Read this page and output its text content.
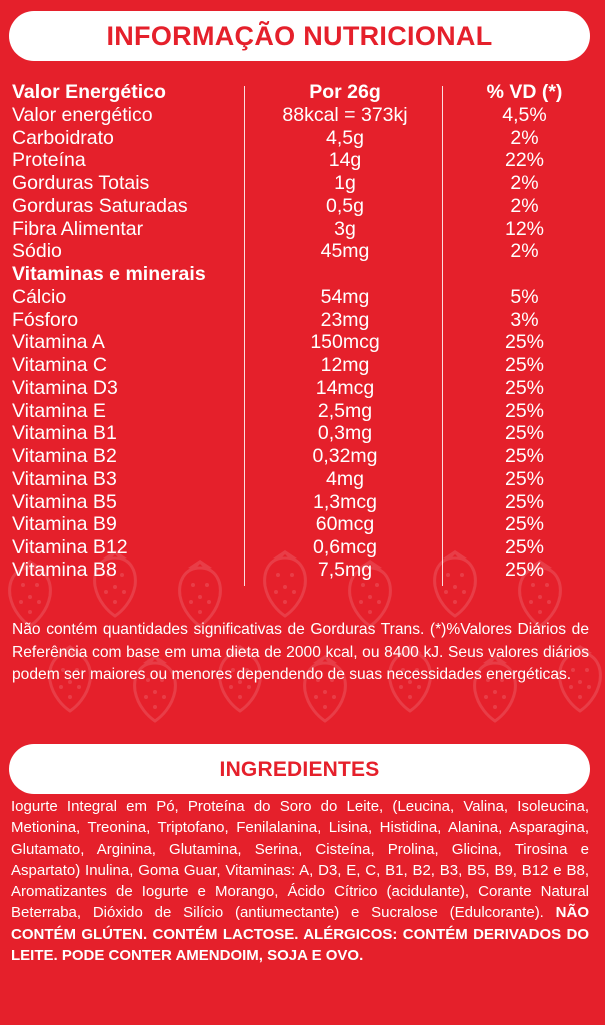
INFORMAÇÃO NUTRICIONAL
Valor Energético	Por 26g	% VD (*)
Valor energético	88kcal = 373kj	4,5%
Carboidrato	4,5g	2%
Proteína	14g	22%
Gorduras Totais	1g	2%
Gorduras Saturadas	0,5g	2%
Fibra Alimentar	3g	12%
Sódio	45mg	2%
Vitaminas e minerais
Cálcio	54mg	5%
Fósforo	23mg	3%
Vitamina A	150mcg	25%
Vitamina C	12mg	25%
Vitamina D3	14mcg	25%
Vitamina E	2,5mg	25%
Vitamina B1	0,3mg	25%
Vitamina B2	0,32mg	25%
Vitamina B3	4mg	25%
Vitamina B5	1,3mcg	25%
Vitamina B9	60mcg	25%
Vitamina B12	0,6mcg	25%
Vitamina B8	7,5mg	25%
Não contém quantidades significativas de Gorduras Trans. (*)%Valores Diários de Referência com base em uma dieta de 2000 kcal, ou 8400 kJ. Seus valores diários podem ser maiores ou menores dependendo de suas necessidades energéticas.
INGREDIENTES
Iogurte Integral em Pó, Proteína do Soro do Leite, (Leucina, Valina, Isoleucina, Metionina, Treonina, Triptofano, Fenilalanina, Lisina, Histidina, Alanina, Asparagina, Glutamato, Arginina, Glutamina, Serina, Cisteína, Prolina, Glicina, Tirosina e Aspartato) Inulina, Goma Guar, Vitaminas: A, D3, E, C, B1, B2, B3, B5, B9, B12 e B8, Aromatizantes de Iogurte e Morango, Ácido Cítrico (acidulante), Corante Natural Beterraba, Dióxido de Silício (antiumectante) e Sucralose (Edulcorante). NÃO CONTÉM GLÚTEN. CONTÉM LACTOSE. ALÉRGICOS: CONTÉM DERIVADOS DO LEITE. PODE CONTER AMENDOIM, SOJA E OVO.
